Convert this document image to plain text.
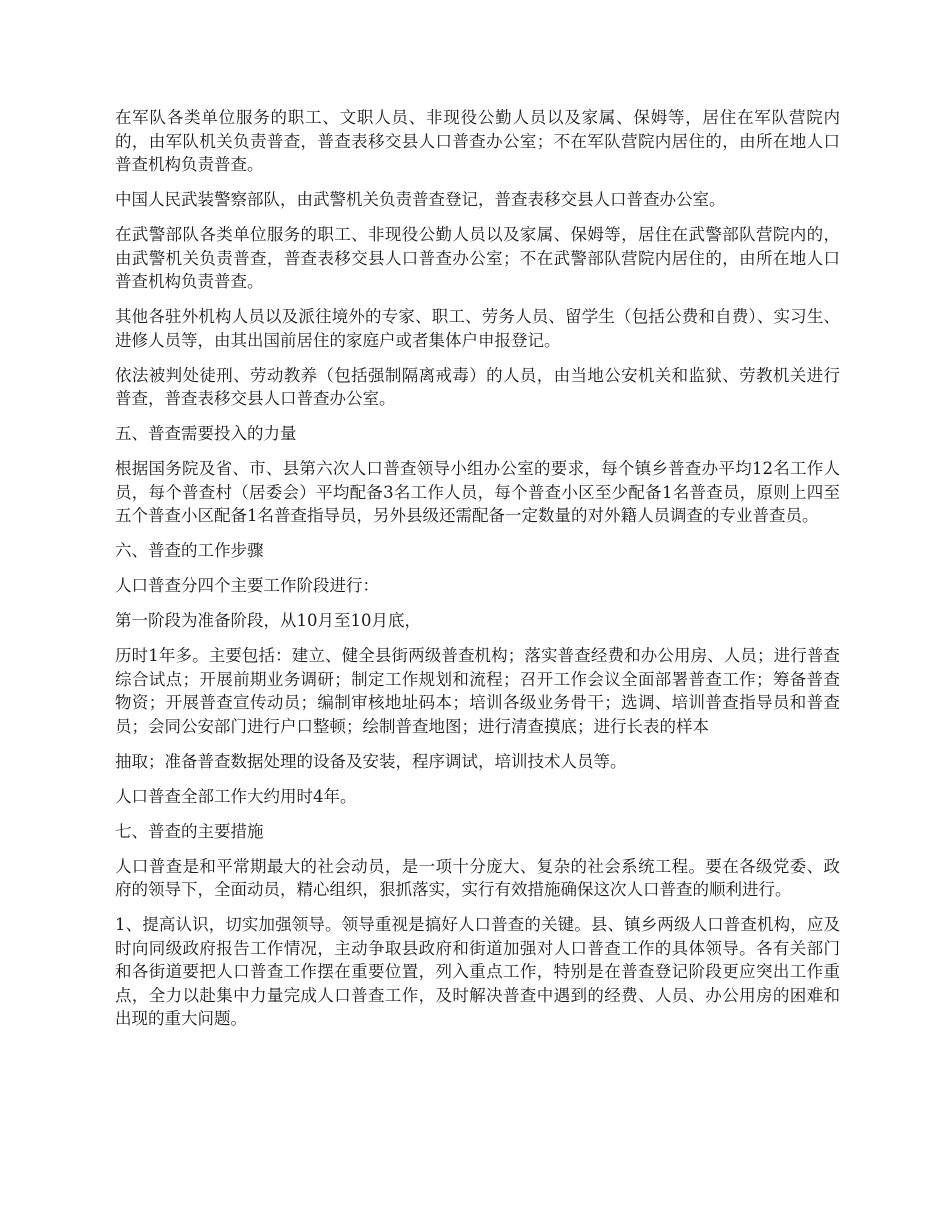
在军队各类单位服务的职工、文职人员、非现役公勤人员以及家属、保姆等，居住在军队营院内的，由军队机关负责普查，普查表移交县人口普查办公室；不在军队营院内居住的，由所在地人口普查机构负责普查。

中国人民武装警察部队，由武警机关负责普查登记，普查表移交县人口普查办公室。

在武警部队各类单位服务的职工、非现役公勤人员以及家属、保姆等，居住在武警部队营院内的，由武警机关负责普查，普查表移交县人口普查办公室；不在武警部队营院内居住的，由所在地人口普查机构负责普查。

其他各驻外机构人员以及派往境外的专家、职工、劳务人员、留学生（包括公费和自费）、实习生、进修人员等，由其出国前居住的家庭户或者集体户申报登记。

依法被判处徒刑、劳动教养（包括强制隔离戒毒）的人员，由当地公安机关和监狱、劳教机关进行普查，普查表移交县人口普查办公室。

五、普查需要投入的力量

根据国务院及省、市、县第六次人口普查领导小组办公室的要求，每个镇乡普查办平均12名工作人员，每个普查村（居委会）平均配备3名工作人员，每个普查小区至少配备1名普查员，原则上四至五个普查小区配备1名普查指导员，另外县级还需配备一定数量的对外籍人员调查的专业普查员。

六、普查的工作步骤

人口普查分四个主要工作阶段进行：

第一阶段为准备阶段，从10月至10月底，

历时1年多。主要包括：建立、健全县街两级普查机构；落实普查经费和办公用房、人员；进行普查综合试点；开展前期业务调研；制定工作规划和流程；召开工作会议全面部署普查工作；筹备普查物资；开展普查宣传动员；编制审核地址码本；培训各级业务骨干；选调、培训普查指导员和普查员；会同公安部门进行户口整顿；绘制普查地图；进行清查摸底；进行长表的样本

抽取；准备普查数据处理的设备及安装，程序调试，培训技术人员等。

人口普查全部工作大约用时4年。

七、普查的主要措施

人口普查是和平常期最大的社会动员，是一项十分庞大、复杂的社会系统工程。要在各级党委、政府的领导下，全面动员，精心组织，狠抓落实，实行有效措施确保这次人口普查的顺利进行。

1、提高认识，切实加强领导。领导重视是搞好人口普查的关键。县、镇乡两级人口普查机构，应及时向同级政府报告工作情况，主动争取县政府和街道加强对人口普查工作的具体领导。各有关部门和各街道要把人口普查工作摆在重要位置，列入重点工作，特别是在普查登记阶段更应突出工作重点，全力以赴集中力量完成人口普查工作，及时解决普查中遇到的经费、人员、办公用房的困难和出现的重大问题。
